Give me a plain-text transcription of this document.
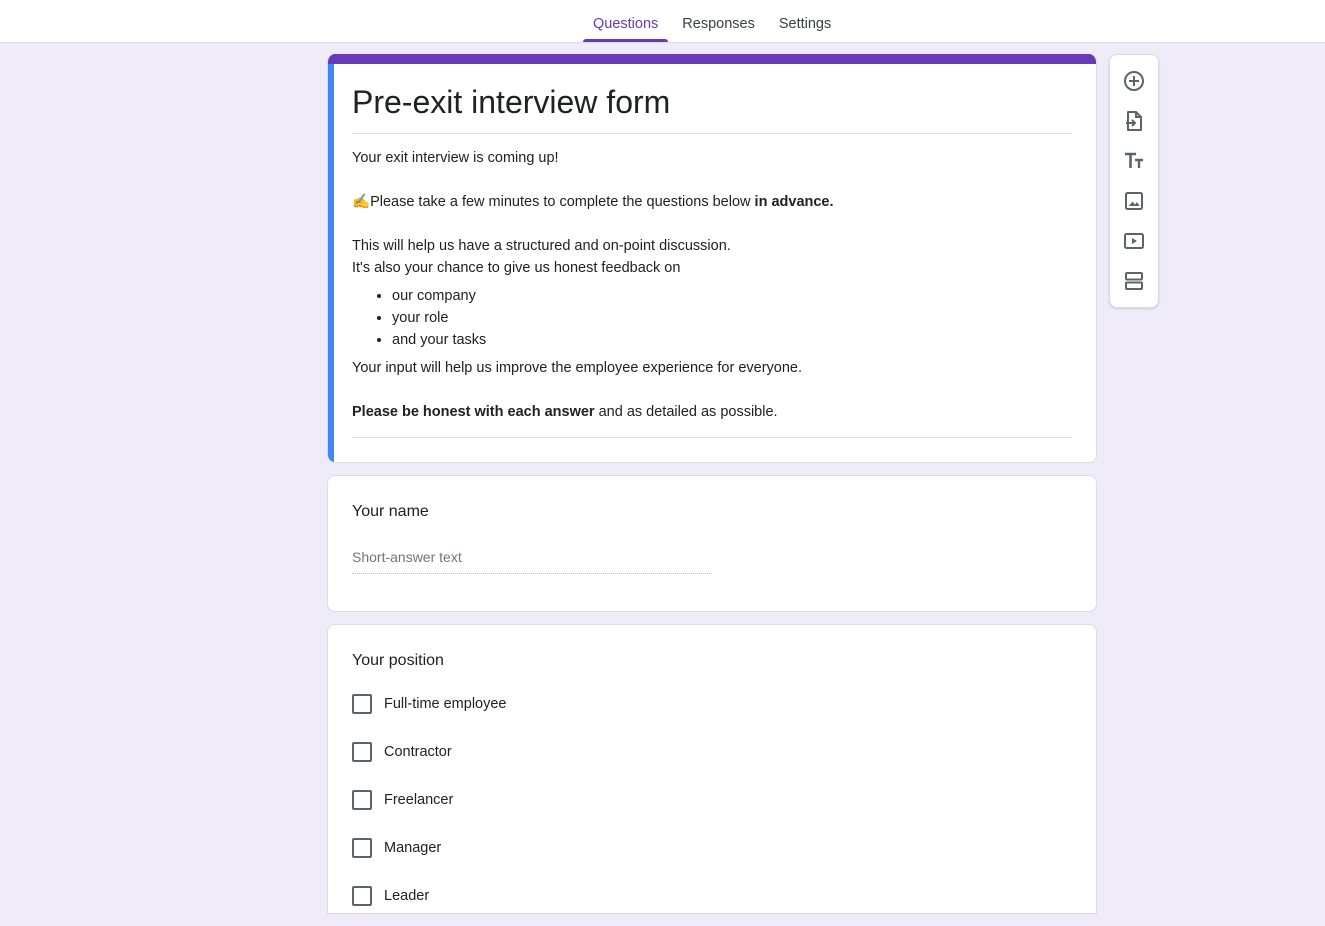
Questions	Responses	Settings
Pre-exit interview form

Your exit interview is coming up!

✍️Please take a few minutes to complete the questions below in advance.

This will help us have a structured and on-point discussion.

It's also your chance to give us honest feedback on

• our company
• your role
• and your tasks

Your input will help us improve the employee experience for everyone.

Please be honest with each answer and as detailed as possible.

Your name
Short-answer text
Your position
Full-time employee
Contractor
Freelancer
Manager
Leader
